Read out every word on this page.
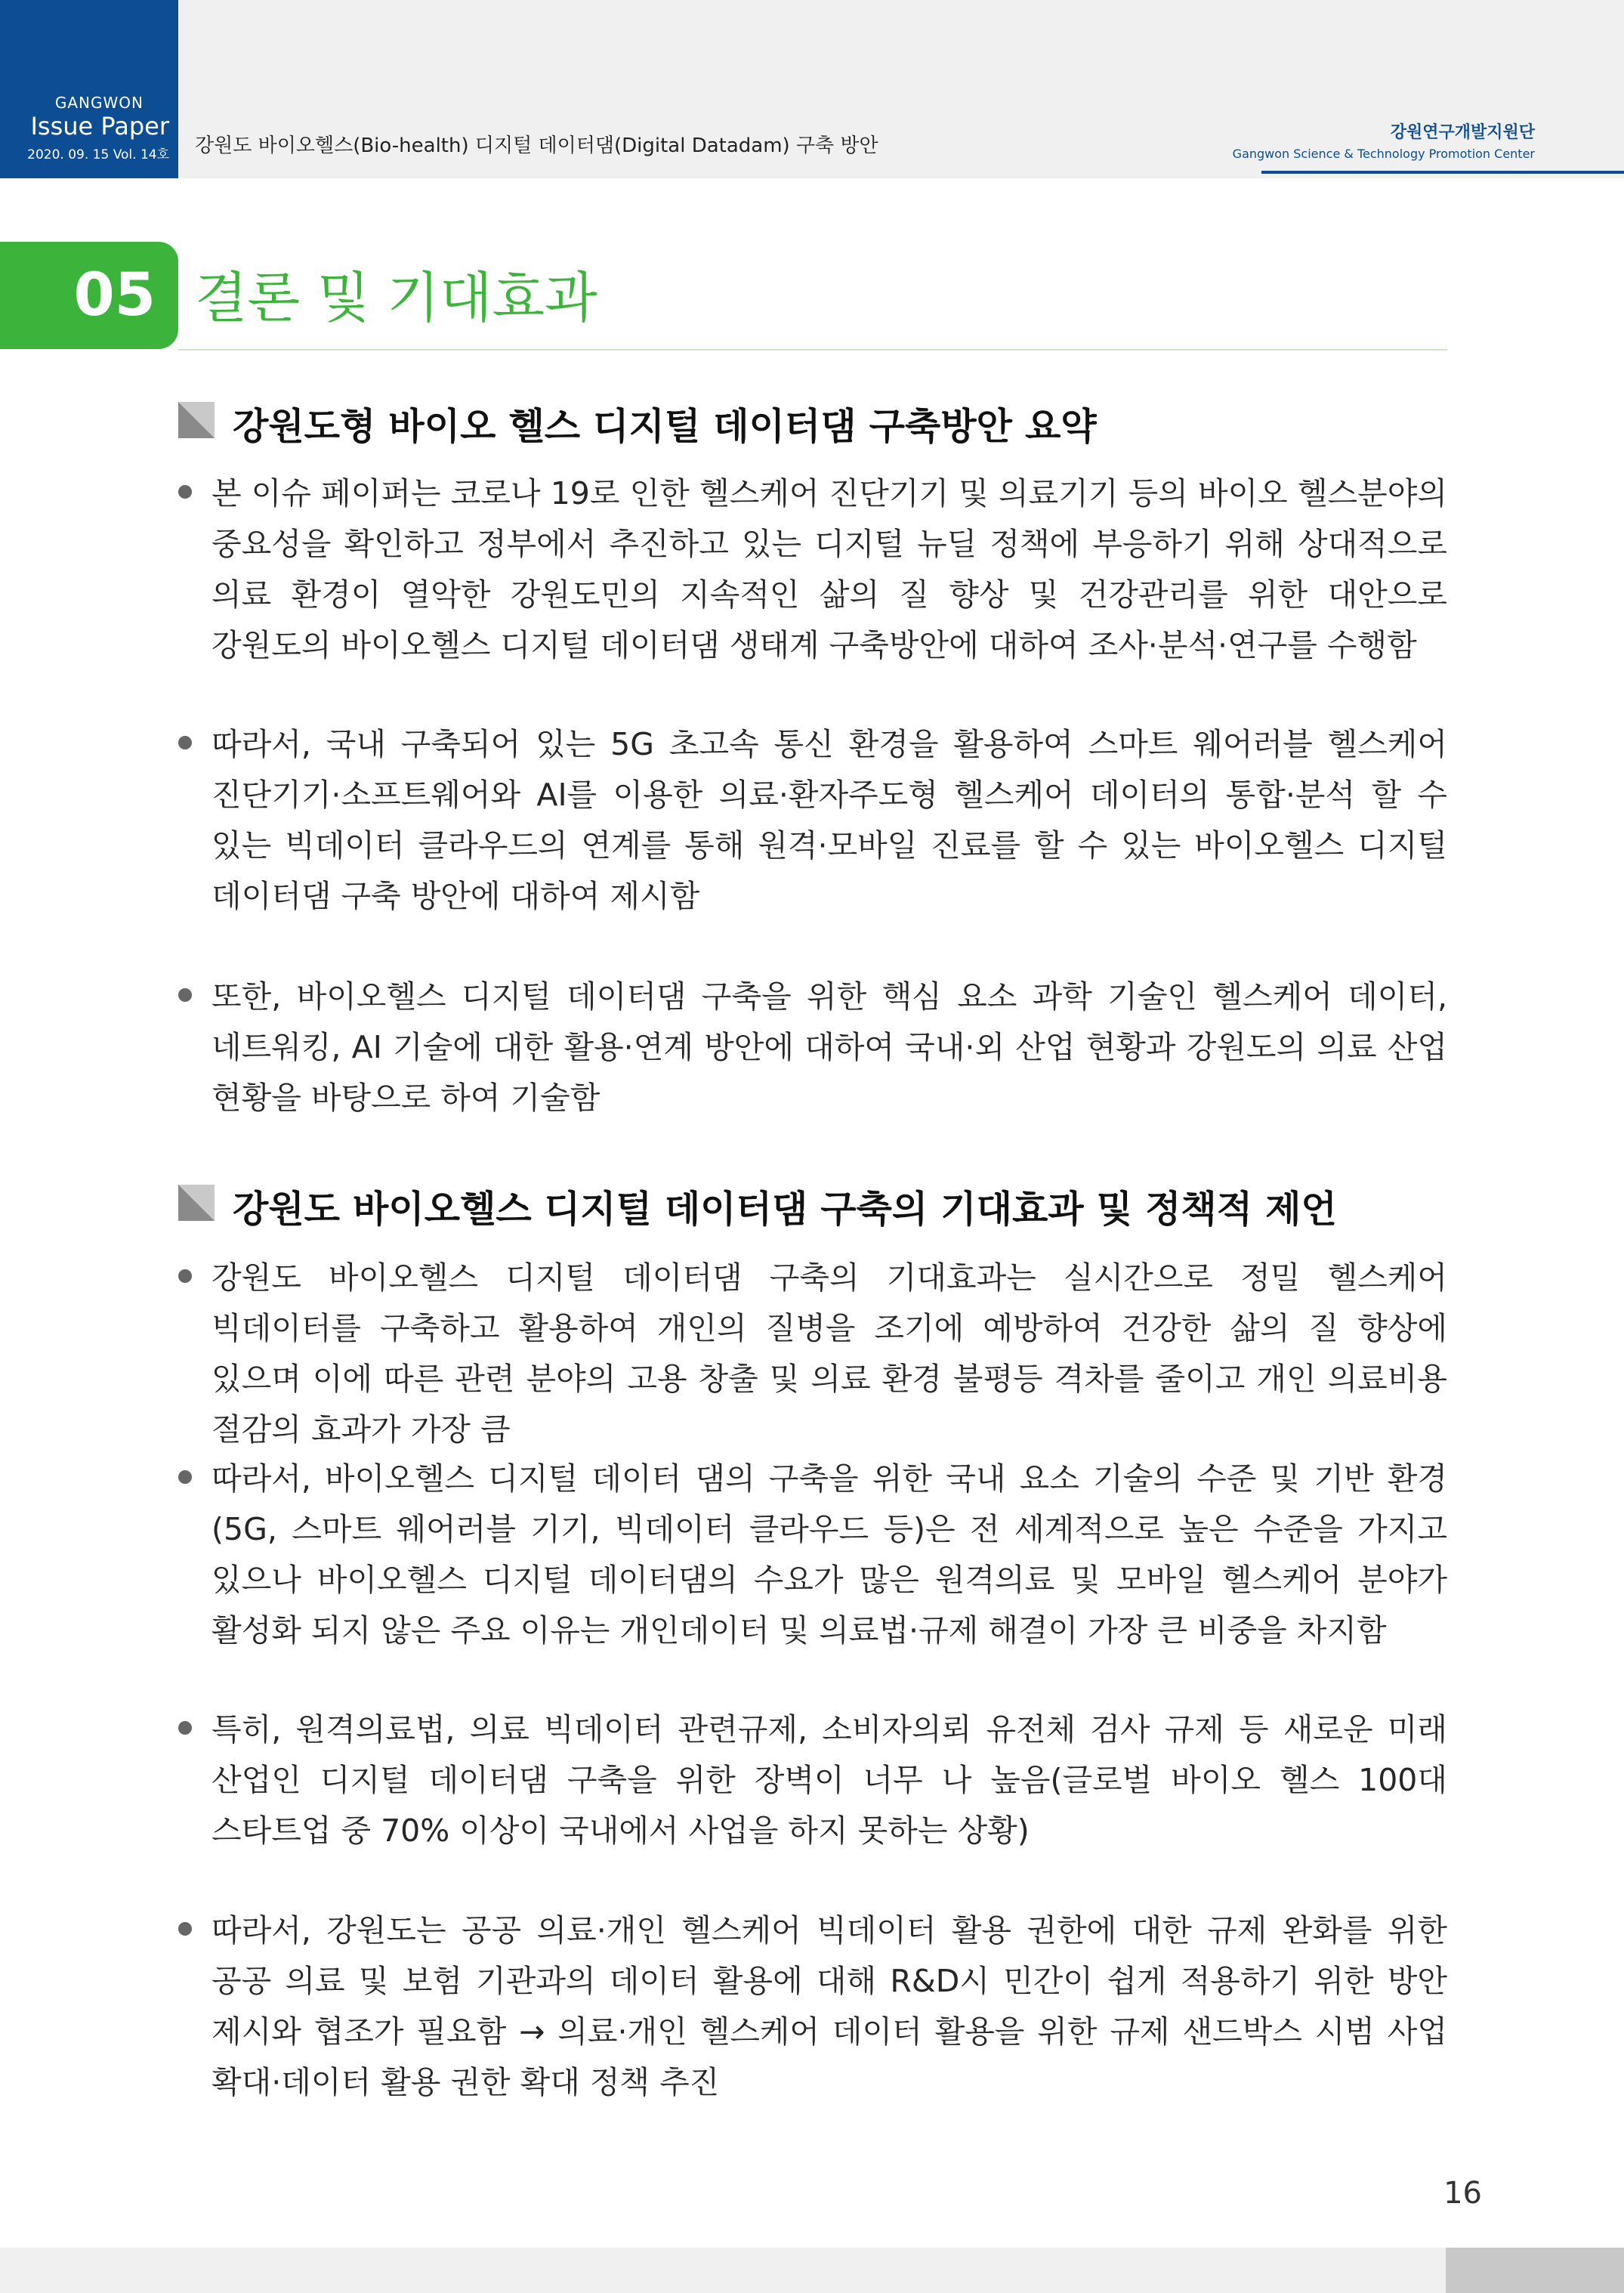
GANGWON
Issue Paper
2020. 09. 15 Vol. 14호 강원도 바이오헬스(Bio-health) 디지털 데이터댐(Digital Datadam) 구축 방안
강원연구개발지원단
Gangwon Science & Technology Promotion Center
05 결론 및 기대효과
강원도형 바이오 헬스 디지털 데이터댐 구축방안 요약

본 이슈 페이퍼는 코로나 19로 인한 헬스케어 진단기기 및 의료기기 등의 바이오 헬스분야의 중요성을 확인하고 정부에서 추진하고 있는 디지털 뉴딜 정책에 부응하기 위해 상대적으로 의료 환경이 열악한 강원도민의 지속적인 삶의 질 향상 및 건강관리를 위한 대안으로 강원도의 바이오헬스 디지털 데이터댐 생태계 구축방안에 대하여 조사·분석·연구를 수행함

따라서, 국내 구축되어 있는 5G 초고속 통신 환경을 활용하여 스마트 웨어러블 헬스케어 진단기기·소프트웨어와 AI를 이용한 의료·환자주도형 헬스케어 데이터의 통합·분석 할 수 있는 빅데이터 클라우드의 연계를 통해 원격·모바일 진료를 할 수 있는 바이오헬스 디지털 데이터댐 구축 방안에 대하여 제시함

또한, 바이오헬스 디지털 데이터댐 구축을 위한 핵심 요소 과학 기술인 헬스케어 데이터, 네트워킹, AI 기술에 대한 활용·연계 방안에 대하여 국내·외 산업 현황과 강원도의 의료 산업 현황을 바탕으로 하여 기술함

강원도 바이오헬스 디지털 데이터댐 구축의 기대효과 및 정책적 제언

강원도 바이오헬스 디지털 데이터댐 구축의 기대효과는 실시간으로 정밀 헬스케어 빅데이터를 구축하고 활용하여 개인의 질병을 조기에 예방하여 건강한 삶의 질 향상에 있으며 이에 따른 관련 분야의 고용 창출 및 의료 환경 불평등 격차를 줄이고 개인 의료비용 절감의 효과가 가장 큼

따라서, 바이오헬스 디지털 데이터 댐의 구축을 위한 국내 요소 기술의 수준 및 기반 환경(5G, 스마트 웨어러블 기기, 빅데이터 클라우드 등)은 전 세계적으로 높은 수준을 가지고 있으나 바이오헬스 디지털 데이터댐의 수요가 많은 원격의료 및 모바일 헬스케어 분야가 활성화 되지 않은 주요 이유는 개인데이터 및 의료법·규제 해결이 가장 큰 비중을 차지함

특히, 원격의료법, 의료 빅데이터 관련규제, 소비자의뢰 유전체 검사 규제 등 새로운 미래 산업인 디지털 데이터댐 구축을 위한 장벽이 너무 나 높음(글로벌 바이오 헬스 100대 스타트업 중 70% 이상이 국내에서 사업을 하지 못하는 상황)

따라서, 강원도는 공공 의료·개인 헬스케어 빅데이터 활용 권한에 대한 규제 완화를 위한 공공 의료 및 보험 기관과의 데이터 활용에 대해 R&D시 민간이 쉽게 적용하기 위한 방안 제시와 협조가 필요함 → 의료·개인 헬스케어 데이터 활용을 위한 규제 샌드박스 시범 사업 확대·데이터 활용 권한 확대 정책 추진

16
